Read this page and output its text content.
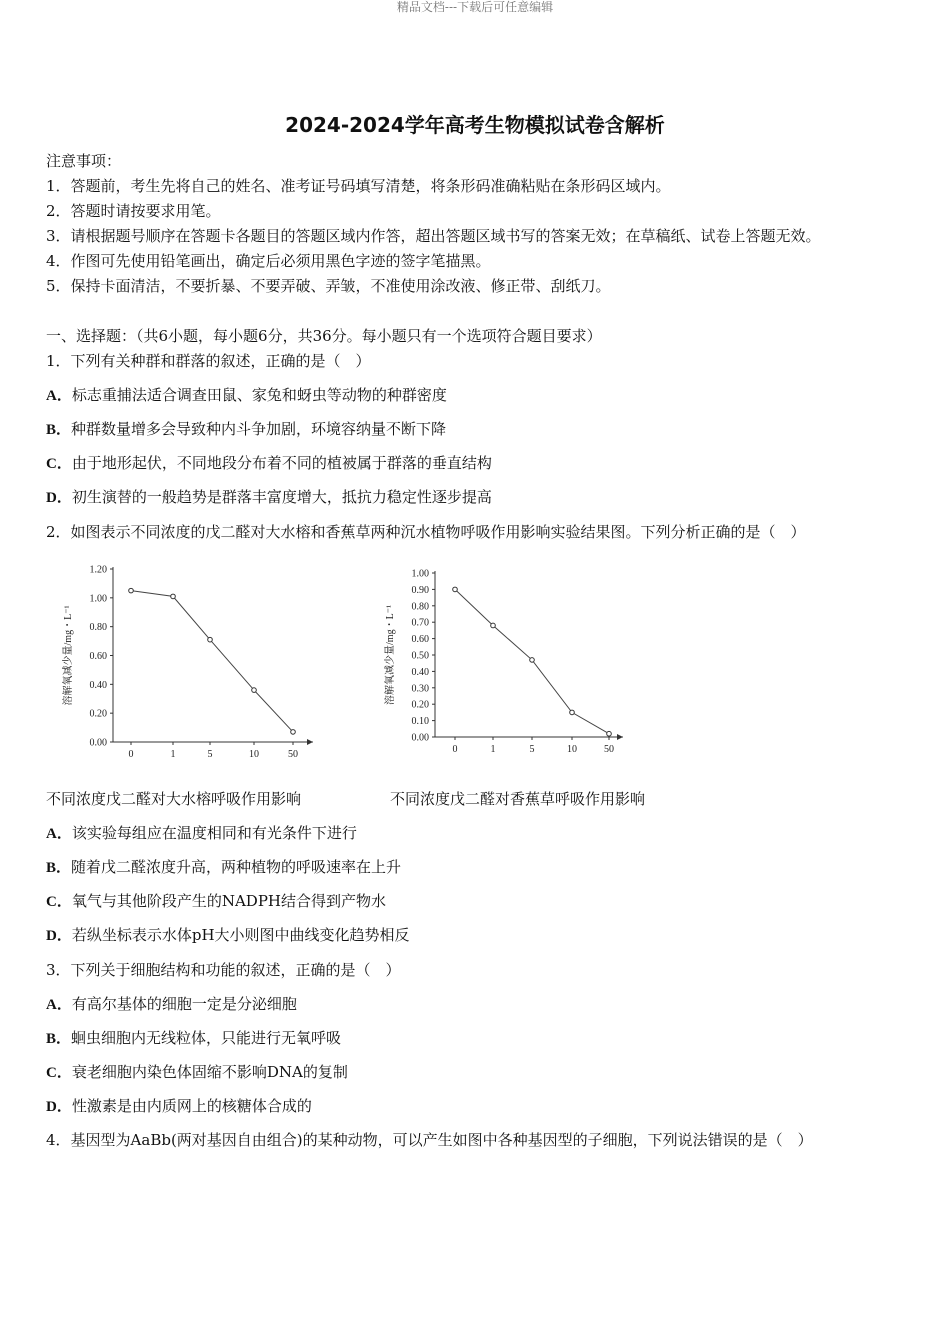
精品文档---下载后可任意编辑
2024-2024学年高考生物模拟试卷含解析
注意事项：
1．答题前，考生先将自己的姓名、准考证号码填写清楚，将条形码准确粘贴在条形码区域内。
2．答题时请按要求用笔。
3．请根据题号顺序在答题卡各题目的答题区域内作答，超出答题区域书写的答案无效；在草稿纸、试卷上答题无效。
4．作图可先使用铅笔画出，确定后必须用黑色字迹的签字笔描黑。
5．保持卡面清洁，不要折暴、不要弄破、弄皱，不准使用涂改液、修正带、刮纸刀。
一、选择题：（共6小题，每小题6分，共36分。每小题只有一个选项符合题目要求）
1．下列有关种群和群落的叙述，正确的是（　）
A．标志重捕法适合调查田鼠、家兔和蚜虫等动物的种群密度
B．种群数量增多会导致种内斗争加剧，环境容纳量不断下降
C．由于地形起伏，不同地段分布着不同的植被属于群落的垂直结构
D．初生演替的一般趋势是群落丰富度增大，抵抗力稳定性逐步提高
2．如图表示不同浓度的戊二醛对大水榕和香蕉草两种沉水植物呼吸作用影响实验结果图。下列分析正确的是（　）
0.00
0.20
0.40
0.60
0.80
1.00
1.20
0	1	5	10	50
溶解氧减少量/mg・L⁻¹
0.00
0.10
0.20
0.30
0.40
0.50
0.60
0.70
0.80
0.90
1.00
0	1	5	10	50
溶解氧减少量/mg・L⁻¹
不同浓度戊二醛对大水榕呼吸作用影响	不同浓度戊二醛对香蕉草呼吸作用影响
A．该实验每组应在温度相同和有光条件下进行
B．随着戊二醛浓度升高，两种植物的呼吸速率在上升
C．氧气与其他阶段产生的NADPH结合得到产物水
D．若纵坐标表示水体pH大小则图中曲线变化趋势相反
3．下列关于细胞结构和功能的叙述，正确的是（　）
A．有高尔基体的细胞一定是分泌细胞
B．蛔虫细胞内无线粒体，只能进行无氧呼吸
C．衰老细胞内染色体固缩不影响DNA的复制
D．性激素是由内质网上的核糖体合成的
4．基因型为AaBb(两对基因自由组合)的某种动物，可以产生如图中各种基因型的子细胞，下列说法错误的是（　）
